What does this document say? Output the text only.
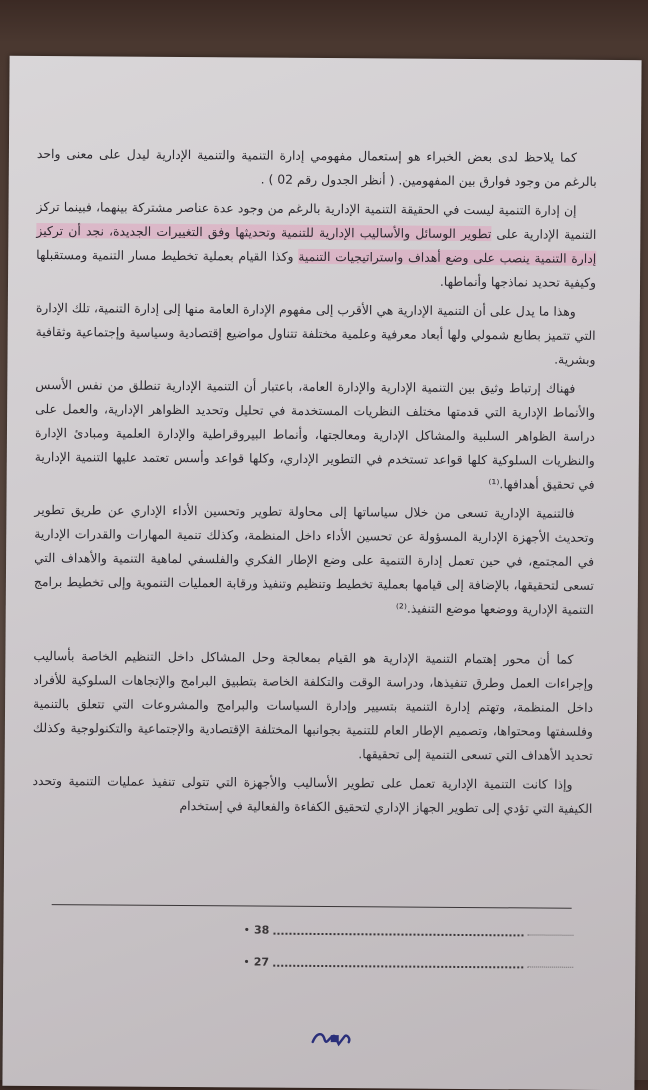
كما يلاحظ لدى بعض الخبراء هو إستعمال مفهومي إدارة التنمية والتنمية الإدارية ليدل على معنى واحد بالرغم من وجود فوارق بين المفهومين. ( أنظر الجدول رقم 02 ) .

إن إدارة التنمية ليست في الحقيقة التنمية الإدارية بالرغم من وجود عدة عناصر مشتركة بينهما، فبينما تركز التنمية الإدارية على تطوير الوسائل والأساليب الإدارية للتنمية وتحديثها وفق التغييرات الجديدة، نجد أن تركيز إدارة التنمية ينصب على وضع أهداف واستراتيجيات التنمية وكذا القيام بعملية تخطيط مسار التنمية ومستقبلها وكيفية تحديد نماذجها وأنماطها.

وهذا ما يدل على أن التنمية الإدارية هي الأقرب إلى مفهوم الإدارة العامة منها إلى إدارة التنمية، تلك الإدارة التي تتميز بطابع شمولي ولها أبعاد معرفية وعلمية مختلفة تتناول مواضيع إقتصادية وسياسية وإجتماعية وثقافية وبشرية.

فهناك إرتباط وثيق بين التنمية الإدارية والإدارة العامة، باعتبار أن التنمية الإدارية تنطلق من نفس الأسس والأنماط الإدارية التي قدمتها مختلف النظريات المستخدمة في تحليل وتحديد الظواهر الإدارية، والعمل على دراسة الظواهر السلبية والمشاكل الإدارية ومعالجتها، وأنماط البيروقراطية والإدارة العلمية ومبادئ الإدارة والنظريات السلوكية كلها قواعد تستخدم في التطوير الإداري، وكلها قواعد وأسس تعتمد عليها التنمية الإدارية في تحقيق أهدافها.⁽¹⁾

فالتنمية الإدارية تسعى من خلال سياساتها إلى محاولة تطوير وتحسين الأداء الإداري عن طريق تطوير وتحديث الأجهزة الإدارية المسؤولة عن تحسين الأداء داخل المنظمة، وكذلك تنمية المهارات والقدرات الإدارية في المجتمع، في حين تعمل إدارة التنمية على وضع الإطار الفكري والفلسفي لماهية التنمية والأهداف التي تسعى لتحقيقها، بالإضافة إلى قيامها بعملية تخطيط وتنظيم وتنفيذ ورقابة العمليات التنموية وإلى تخطيط برامج التنمية الإدارية ووضعها موضع التنفيذ.⁽²⁾

كما أن محور إهتمام التنمية الإدارية هو القيام بمعالجة وحل المشاكل داخل التنظيم الخاصة بأساليب وإجراءات العمل وطرق تنفيذها، ودراسة الوقت والتكلفة الخاصة بتطبيق البرامج والإتجاهات السلوكية للأفراد داخل المنظمة، وتهتم إدارة التنمية بتسيير وإدارة السياسات والبرامج والمشروعات التي تتعلق بالتنمية وفلسفتها ومحتواها، وتصميم الإطار العام للتنمية بجوانبها المختلفة الإقتصادية والإجتماعية والتكنولوجية وكذلك تحديد الأهداف التي تسعى التنمية إلى تحقيقها.

وإذا كانت التنمية الإدارية تعمل على تطوير الأساليب والأجهزة التي تتولى تنفيذ عمليات التنمية وتحدد الكيفية التي تؤدي إلى تطوير الجهاز الإداري لتحقيق الكفاءة والفعالية في إستخدام

38
•
27
•
